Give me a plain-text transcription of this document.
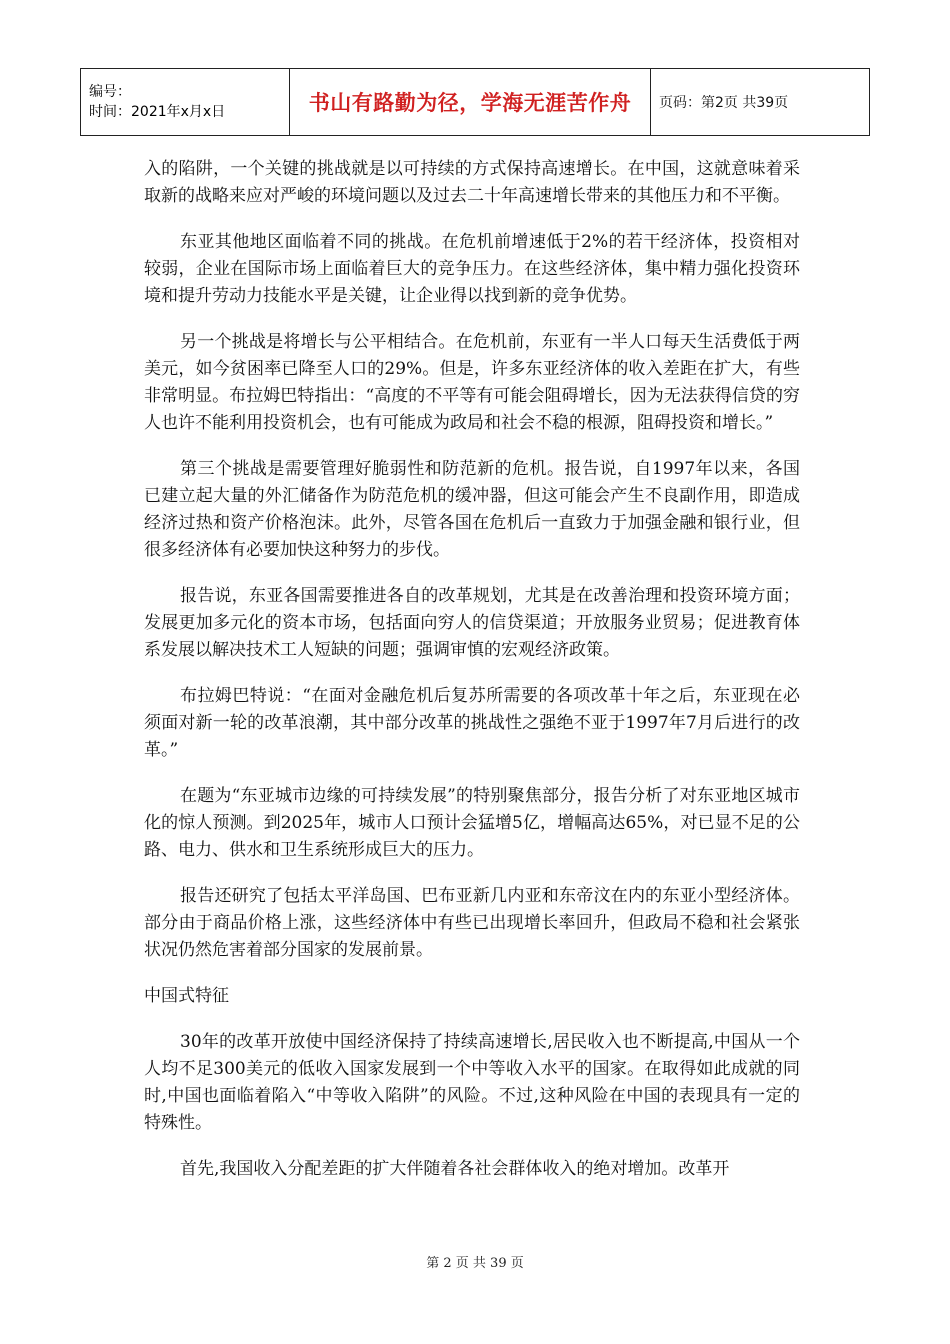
编号：
时间：2021年x月x日	书山有路勤为径，学海无涯苦作舟	页码：第2页 共39页

入的陷阱，一个关键的挑战就是以可持续的方式保持高速增长。在中国，这就意味着采取新的战略来应对严峻的环境问题以及过去二十年高速增长带来的其他压力和不平衡。

东亚其他地区面临着不同的挑战。在危机前增速低于2%的若干经济体，投资相对较弱，企业在国际市场上面临着巨大的竞争压力。在这些经济体，集中精力强化投资环境和提升劳动力技能水平是关键，让企业得以找到新的竞争优势。

另一个挑战是将增长与公平相结合。在危机前，东亚有一半人口每天生活费低于两美元，如今贫困率已降至人口的29%。但是，许多东亚经济体的收入差距在扩大，有些非常明显。布拉姆巴特指出：“高度的不平等有可能会阻碍增长，因为无法获得信贷的穷人也许不能利用投资机会，也有可能成为政局和社会不稳的根源，阻碍投资和增长。”

第三个挑战是需要管理好脆弱性和防范新的危机。报告说，自1997年以来，各国已建立起大量的外汇储备作为防范危机的缓冲器，但这可能会产生不良副作用，即造成经济过热和资产价格泡沫。此外，尽管各国在危机后一直致力于加强金融和银行业，但很多经济体有必要加快这种努力的步伐。

报告说，东亚各国需要推进各自的改革规划，尤其是在改善治理和投资环境方面；发展更加多元化的资本市场，包括面向穷人的信贷渠道；开放服务业贸易；促进教育体系发展以解决技术工人短缺的问题；强调审慎的宏观经济政策。

布拉姆巴特说：“在面对金融危机后复苏所需要的各项改革十年之后，东亚现在必须面对新一轮的改革浪潮，其中部分改革的挑战性之强绝不亚于1997年7月后进行的改革。”

在题为“东亚城市边缘的可持续发展”的特别聚焦部分，报告分析了对东亚地区城市化的惊人预测。到2025年，城市人口预计会猛增5亿，增幅高达65%，对已显不足的公路、电力、供水和卫生系统形成巨大的压力。

报告还研究了包括太平洋岛国、巴布亚新几内亚和东帝汶在内的东亚小型经济体。部分由于商品价格上涨，这些经济体中有些已出现增长率回升，但政局不稳和社会紧张状况仍然危害着部分国家的发展前景。

中国式特征

30年的改革开放使中国经济保持了持续高速增长,居民收入也不断提高,中国从一个人均不足300美元的低收入国家发展到一个中等收入水平的国家。在取得如此成就的同时,中国也面临着陷入“中等收入陷阱”的风险。不过,这种风险在中国的表现具有一定的特殊性。

首先,我国收入分配差距的扩大伴随着各社会群体收入的绝对增加。改革开

第 2 页 共 39 页
